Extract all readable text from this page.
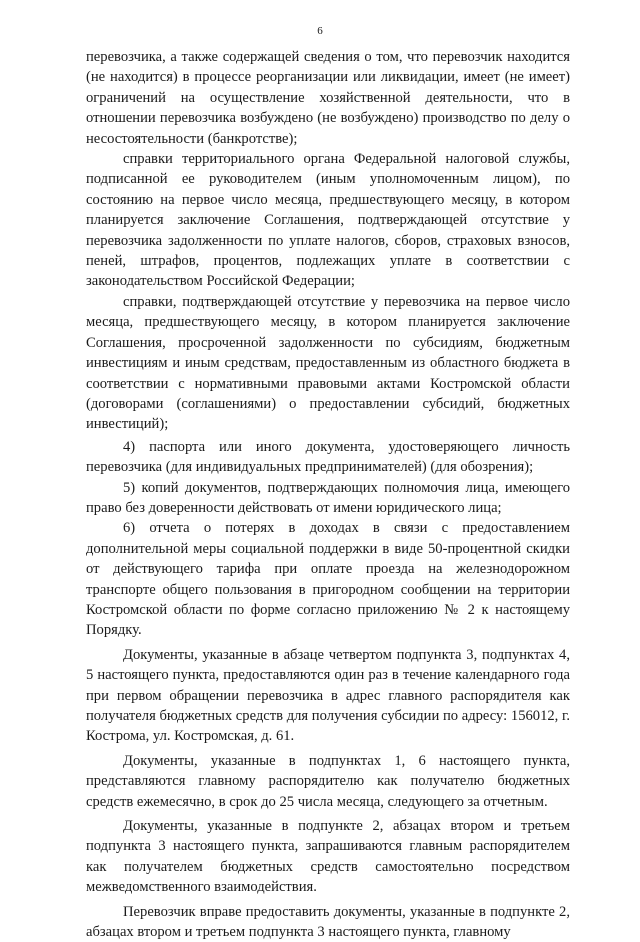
6

перевозчика, а также содержащей сведения о том, что перевозчик находится (не находится) в процессе реорганизации или ликвидации, имеет (не имеет) ограничений на осуществление хозяйственной деятельности, что в отношении перевозчика возбуждено (не возбуждено) производство по делу о несостоятельности (банкротстве);

справки территориального органа Федеральной налоговой службы, подписанной ее руководителем (иным уполномоченным лицом), по состоянию на первое число месяца, предшествующего месяцу, в котором планируется заключение Соглашения, подтверждающей отсутствие у перевозчика задолженности по уплате налогов, сборов, страховых взносов, пеней, штрафов, процентов, подлежащих уплате в соответствии с законодательством Российской Федерации;

справки, подтверждающей отсутствие у перевозчика на первое число месяца, предшествующего месяцу, в котором планируется заключение Соглашения, просроченной задолженности по субсидиям, бюджетным инвестициям и иным средствам, предоставленным из областного бюджета в соответствии с нормативными правовыми актами Костромской области (договорами (соглашениями) о предоставлении субсидий, бюджетных инвестиций);

4) паспорта или иного документа, удостоверяющего личность перевозчика (для индивидуальных предпринимателей) (для обозрения);

5) копий документов, подтверждающих полномочия лица, имеющего право без доверенности действовать от имени юридического лица;

6) отчета о потерях в доходах в связи с предоставлением дополнительной меры социальной поддержки в виде 50-процентной скидки от действующего тарифа при оплате проезда на железнодорожном транспорте общего пользования в пригородном сообщении на территории Костромской области по форме согласно приложению № 2 к настоящему Порядку.

Документы, указанные в абзаце четвертом подпункта 3, подпунктах 4, 5 настоящего пункта, предоставляются один раз в течение календарного года при первом обращении перевозчика в адрес главного распорядителя как получателя бюджетных средств для получения субсидии по адресу: 156012, г. Кострома, ул. Костромская, д. 61.

Документы, указанные в подпунктах 1, 6 настоящего пункта, представляются главному распорядителю как получателю бюджетных средств ежемесячно, в срок до 25 числа месяца, следующего за отчетным.

Документы, указанные в подпункте 2, абзацах втором и третьем подпункта 3 настоящего пункта, запрашиваются главным распорядителем как получателем бюджетных средств самостоятельно посредством межведомственного взаимодействия.

Перевозчик вправе предоставить документы, указанные в подпункте 2, абзацах втором и третьем подпункта 3 настоящего пункта, главному
